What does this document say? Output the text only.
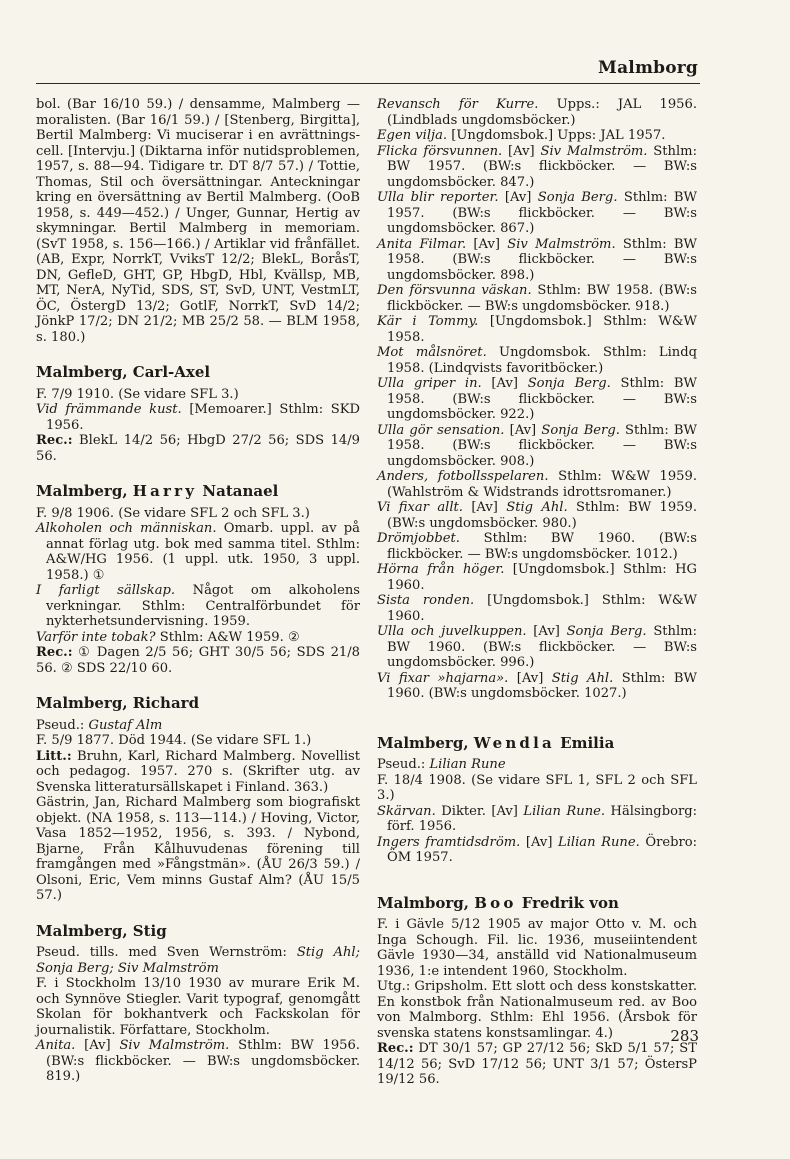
Malmborg

bol. (Bar 16/10 59.) / densamme, Malmberg — moralisten. (Bar 16/1 59.) / [Stenberg, Birgitta], Bertil Malmberg: Vi muciserar i en avrättnings-cell. [Intervju.] (Diktarna inför nutidsproblemen, 1957, s. 88—94. Tidigare tr. DT 8/7 57.) / Tottie, Thomas, Stil och översättningar. Anteckningar kring en översättning av Bertil Malmberg. (OoB 1958, s. 449—452.) / Unger, Gunnar, Hertig av skymningar. Bertil Malmberg in memoriam. (SvT 1958, s. 156—166.) / Artiklar vid frånfället. (AB, Expr, NorrkT, VviksT 12/2; BlekL, BoråsT, DN, GefleD, GHT, GP, HbgD, Hbl, Kvällsp, MB, MT, NerA, NyTid, SDS, ST, SvD, UNT, VestmLT, ÖC, ÖstergD 13/2; GotlF, NorrkT, SvD 14/2; JönkP 17/2; DN 21/2; MB 25/2 58. — BLM 1958, s. 180.)

Malmberg, Carl-Axel

F. 7/9 1910. (Se vidare SFL 3.)

Vid främmande kust. [Memoarer.] Sthlm: SKD 1956.

Rec.: BlekL 14/2 56; HbgD 27/2 56; SDS 14/9 56.

Malmberg, Harry Natanael

F. 9/8 1906. (Se vidare SFL 2 och SFL 3.)

Alkoholen och människan. Omarb. uppl. av på annat förlag utg. bok med samma titel. Sthlm: A&W/HG 1956. (1 uppl. utk. 1950, 3 uppl. 1958.) ①

I farligt sällskap. Något om alkoholens verkningar. Sthlm: Centralförbundet för nykterhetsundervisning. 1959.

Varför inte tobak? Sthlm: A&W 1959. ②

Rec.: ① Dagen 2/5 56; GHT 30/5 56; SDS 21/8 56. ② SDS 22/10 60.

Malmberg, Richard

Pseud.: Gustaf Alm

F. 5/9 1877. Död 1944. (Se vidare SFL 1.)

Litt.: Bruhn, Karl, Richard Malmberg. Novellist och pedagog. 1957. 270 s. (Skrifter utg. av Svenska litteratursällskapet i Finland. 363.)

Gästrin, Jan, Richard Malmberg som biografiskt objekt. (NA 1958, s. 113—114.) / Hoving, Victor, Vasa 1852—1952, 1956, s. 393. / Nybond, Bjarne, Från Kålhuvudenas förening till framgången med »Fångstmän». (ÅU 26/3 59.) / Olsoni, Eric, Vem minns Gustaf Alm? (ÅU 15/5 57.)

Malmberg, Stig

Pseud. tills. med Sven Wernström: Stig Ahl; Sonja Berg; Siv Malmström

F. i Stockholm 13/10 1930 av murare Erik M. och Synnöve Stiegler. Varit typograf, genomgått Skolan för bokhantverk och Fackskolan för journalistik. Författare, Stockholm.

Anita. [Av] Siv Malmström. Sthlm: BW 1956. (BW:s flickböcker. — BW:s ungdomsböcker. 819.)

Revansch för Kurre. Upps.: JAL 1956. (Lindblads ungdomsböcker.)

Egen vilja. [Ungdomsbok.] Upps: JAL 1957.

Flicka försvunnen. [Av] Siv Malmström. Sthlm: BW 1957. (BW:s flickböcker. — BW:s ungdomsböcker. 847.)

Ulla blir reporter. [Av] Sonja Berg. Sthlm: BW 1957. (BW:s flickböcker. — BW:s ungdomsböcker. 867.)

Anita Filmar. [Av] Siv Malmström. Sthlm: BW 1958. (BW:s flickböcker. — BW:s ungdomsböcker. 898.)

Den försvunna väskan. Sthlm: BW 1958. (BW:s flickböcker. — BW:s ungdomsböcker. 918.)

Kär i Tommy. [Ungdomsbok.] Sthlm: W&W 1958.

Mot målsnöret. Ungdomsbok. Sthlm: Lindq 1958. (Lindqvists favoritböcker.)

Ulla griper in. [Av] Sonja Berg. Sthlm: BW 1958. (BW:s flickböcker. — BW:s ungdomsböcker. 922.)

Ulla gör sensation. [Av] Sonja Berg. Sthlm: BW 1958. (BW:s flickböcker. — BW:s ungdomsböcker. 908.)

Anders, fotbollsspelaren. Sthlm: W&W 1959. (Wahlström & Widstrands idrottsromaner.)

Vi fixar allt. [Av] Stig Ahl. Sthlm: BW 1959. (BW:s ungdomsböcker. 980.)

Drömjobbet. Sthlm: BW 1960. (BW:s flickböcker. — BW:s ungdomsböcker. 1012.)

Hörna från höger. [Ungdomsbok.] Sthlm: HG 1960.

Sista ronden. [Ungdomsbok.] Sthlm: W&W 1960.

Ulla och juvelkuppen. [Av] Sonja Berg. Sthlm: BW 1960. (BW:s flickböcker. — BW:s ungdomsböcker. 996.)

Vi fixar »hajarna». [Av] Stig Ahl. Sthlm: BW 1960. (BW:s ungdomsböcker. 1027.)

Malmberg, Wendla Emilia

Pseud.: Lilian Rune

F. 18/4 1908. (Se vidare SFL 1, SFL 2 och SFL 3.)

Skärvan. Dikter. [Av] Lilian Rune. Hälsingborg: förf. 1956.

Ingers framtidsdröm. [Av] Lilian Rune. Örebro: ÖM 1957.

Malmborg, Boo Fredrik von

F. i Gävle 5/12 1905 av major Otto v. M. och Inga Schough. Fil. lic. 1936, museiintendent Gävle 1930—34, anställd vid Nationalmuseum 1936, 1:e intendent 1960, Stockholm.

Utg.: Gripsholm. Ett slott och dess konstskatter. En konstbok från Nationalmuseum red. av Boo von Malmborg. Sthlm: Ehl 1956. (Årsbok för svenska statens konstsamlingar. 4.)

Rec.: DT 30/1 57; GP 27/12 56; SkD 5/1 57; ST 14/12 56; SvD 17/12 56; UNT 3/1 57; ÖstersP 19/12 56.

283
